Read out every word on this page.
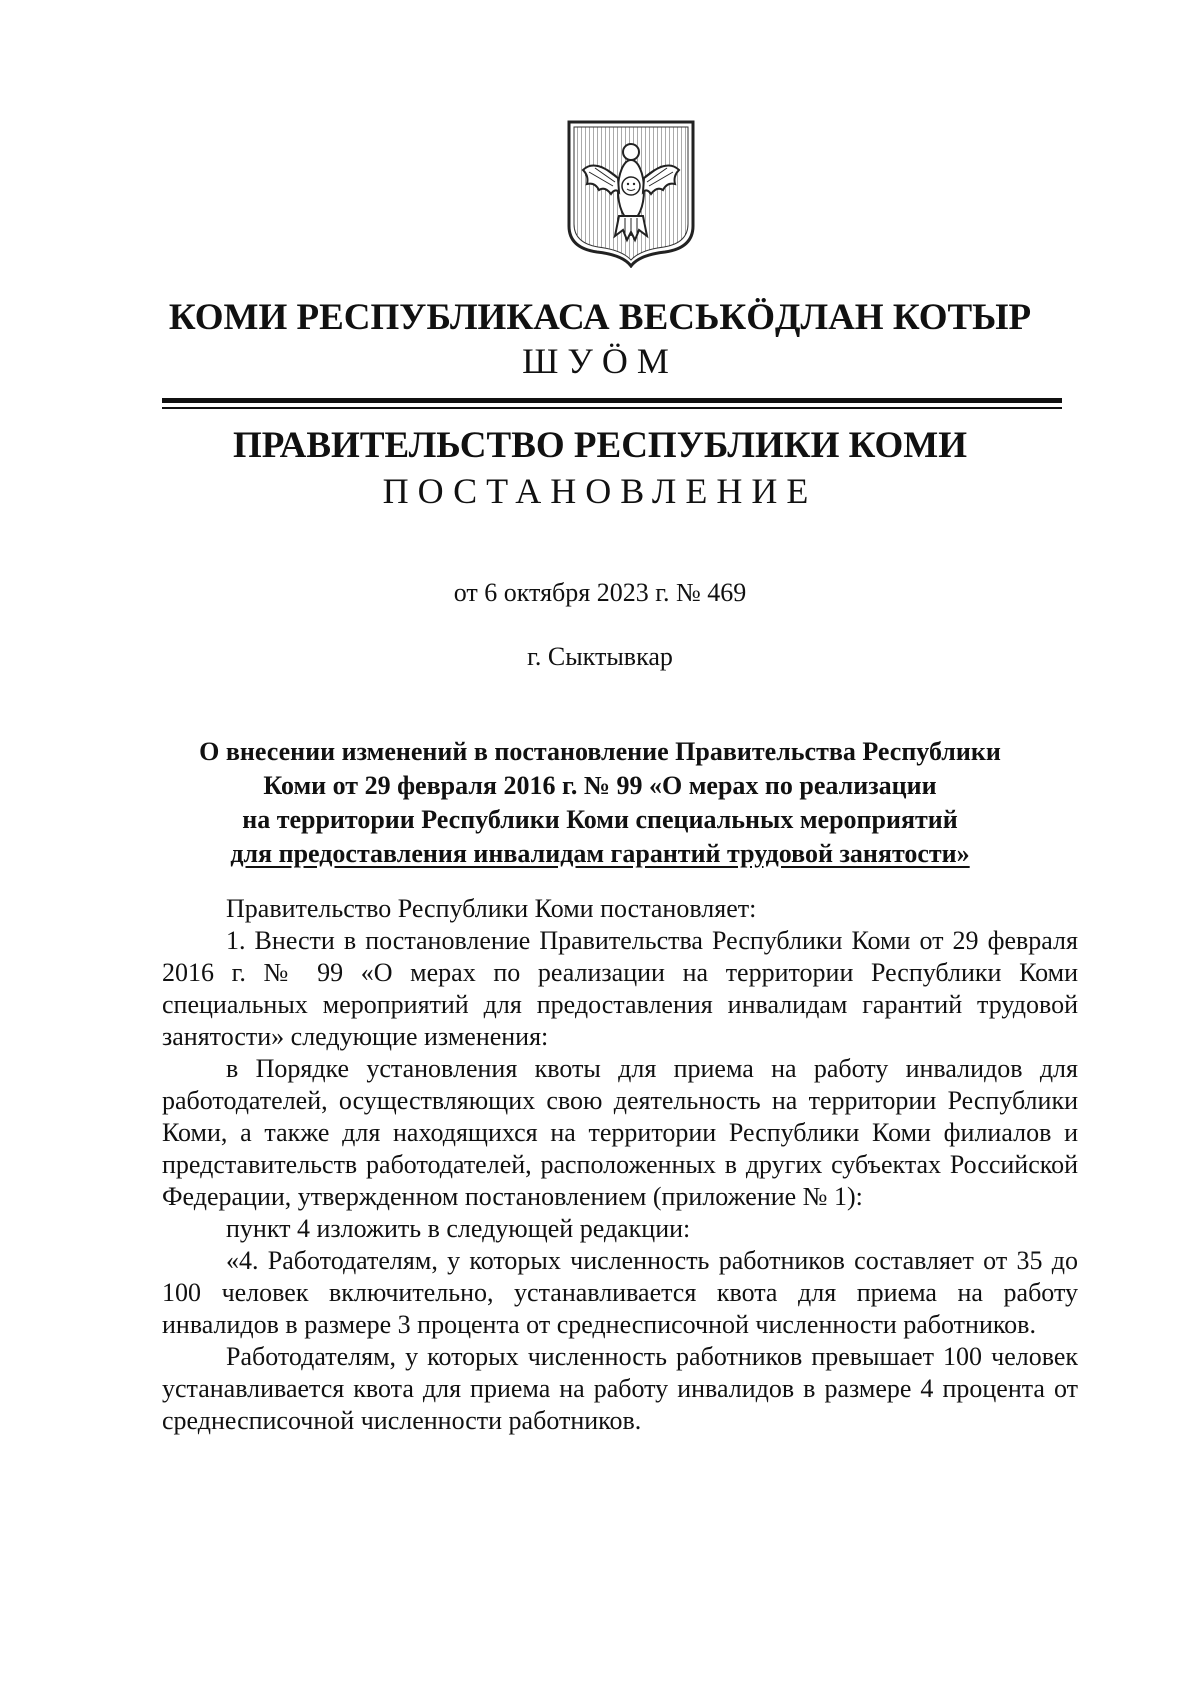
КОМИ РЕСПУБЛИКАСА ВЕСЬКӦДЛАН КОТЫР
ШУӦМ
ПРАВИТЕЛЬСТВО РЕСПУБЛИКИ КОМИ
ПОСТАНОВЛЕНИЕ
от 6 октября 2023 г. № 469
г. Сыктывкар
О внесении изменений в постановление Правительства Республики
Коми от 29 февраля 2016 г. № 99 «О мерах по реализации
на территории Республики Коми специальных мероприятий
для предоставления инвалидам гарантий трудовой занятости»

Правительство Республики Коми постановляет:

1. Внести в постановление Правительства Республики Коми от 29 февраля 2016 г. № 99 «О мерах по реализации на территории Республики Коми специальных мероприятий для предоставления инвалидам гарантий трудовой занятости» следующие изменения:

в Порядке установления квоты для приема на работу инвалидов для работодателей, осуществляющих свою деятельность на территории Республики Коми, а также для находящихся на территории Республики Коми филиалов и представительств работодателей, расположенных в других субъектах Российской Федерации, утвержденном постановлением (приложение № 1):

пункт 4 изложить в следующей редакции:

«4. Работодателям, у которых численность работников составляет от 35 до 100 человек включительно, устанавливается квота для приема на работу инвалидов в размере 3 процента от среднесписочной численности работников.

Работодателям, у которых численность работников превышает 100 человек устанавливается квота для приема на работу инвалидов в размере 4 процента от среднесписочной численности работников.
